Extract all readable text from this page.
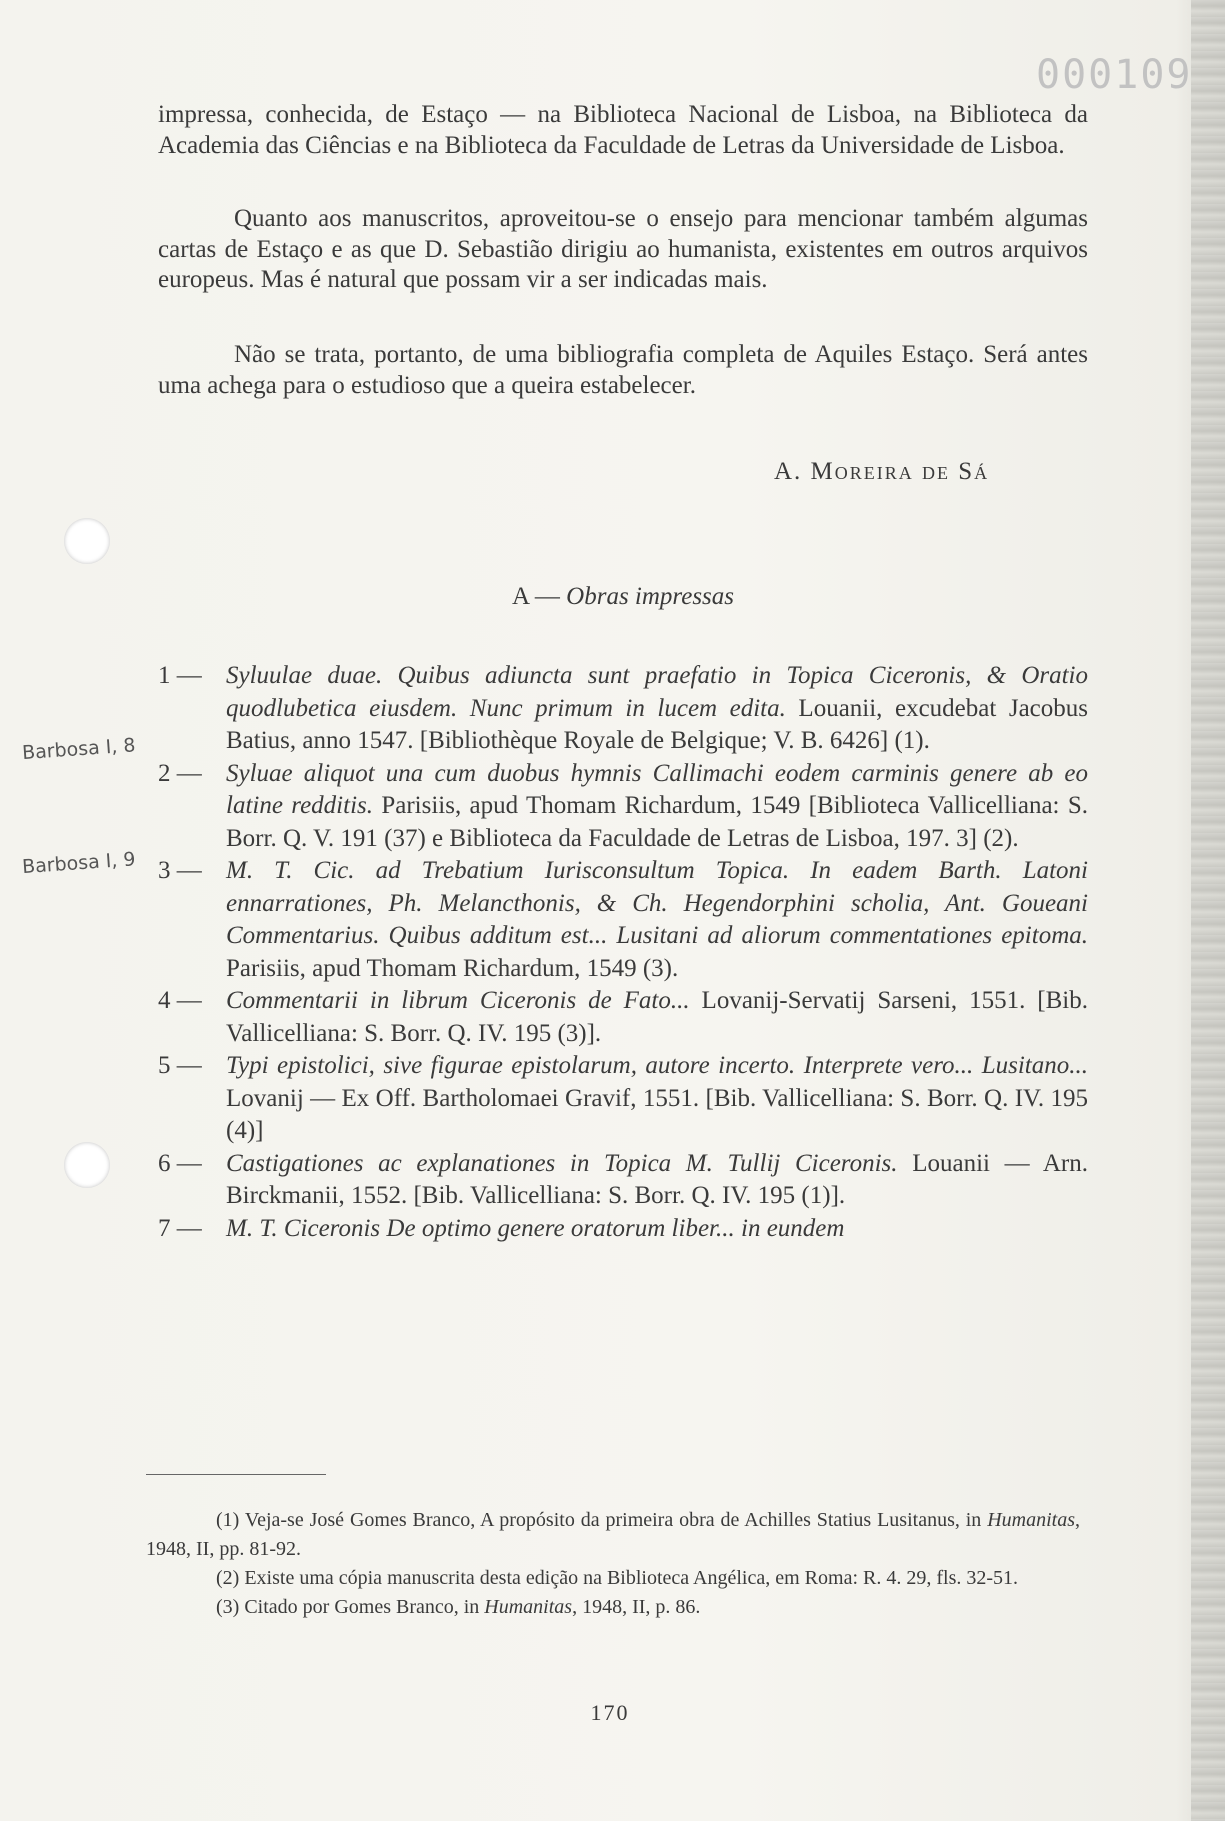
000109

impressa, conhecida, de Estaço — na Biblioteca Nacional de Lisboa, na Biblioteca da Academia das Ciências e na Biblioteca da Faculdade de Letras da Universidade de Lisboa.

Quanto aos manuscritos, aproveitou-se o ensejo para mencionar também algumas cartas de Estaço e as que D. Sebastião dirigiu ao humanista, existentes em outros arquivos europeus. Mas é natural que possam vir a ser indicadas mais.

Não se trata, portanto, de uma bibliografia completa de Aquiles Estaço. Será antes uma achega para o estudioso que a queira estabelecer.

A. Moreira de Sá
A — Obras impressas
1 — Syluulae duae. Quibus adiuncta sunt praefatio in Topica Ciceronis, & Oratio quodlubetica eiusdem. Nunc primum in lucem edita. Louanii, excudebat Jacobus Batius, anno 1547. [Bibliothèque Royale de Belgique; V. B. 6426] (1).
2 — Syluae aliquot una cum duobus hymnis Callimachi eodem carminis genere ab eo latine redditis. Parisiis, apud Thomam Richardum, 1549 [Biblioteca Vallicelliana: S. Borr. Q. V. 191 (37) e Biblioteca da Faculdade de Letras de Lisboa, 197. 3] (2).
3 — M. T. Cic. ad Trebatium Iurisconsultum Topica. In eadem Barth. Latoni ennarrationes, Ph. Melancthonis, & Ch. Hegendorphini scholia, Ant. Goueani Commentarius. Quibus additum est... Lusitani ad aliorum commentationes epitoma. Parisiis, apud Thomam Richardum, 1549 (3).
4 — Commentarii in librum Ciceronis de Fato... Lovanij-Servatij Sarseni, 1551. [Bib. Vallicelliana: S. Borr. Q. IV. 195 (3)].
5 — Typi epistolici, sive figurae epistolarum, autore incerto. Interprete vero... Lusitano... Lovanij — Ex Off. Bartholomaei Gravif, 1551. [Bib. Vallicelliana: S. Borr. Q. IV. 195 (4)]
6 — Castigationes ac explanationes in Topica M. Tullij Ciceronis. Louanii — Arn. Birckmanii, 1552. [Bib. Vallicelliana: S. Borr. Q. IV. 195 (1)].
7 — M. T. Ciceronis De optimo genere oratorum liber... in eundem
(1) Veja-se José Gomes Branco, A propósito da primeira obra de Achilles Statius Lusitanus, in Humanitas, 1948, II, pp. 81-92.
(2) Existe uma cópia manuscrita desta edição na Biblioteca Angélica, em Roma: R. 4. 29, fls. 32-51.
(3) Citado por Gomes Branco, in Humanitas, 1948, II, p. 86.
170
Barbosa I, 8
Barbosa I, 9
